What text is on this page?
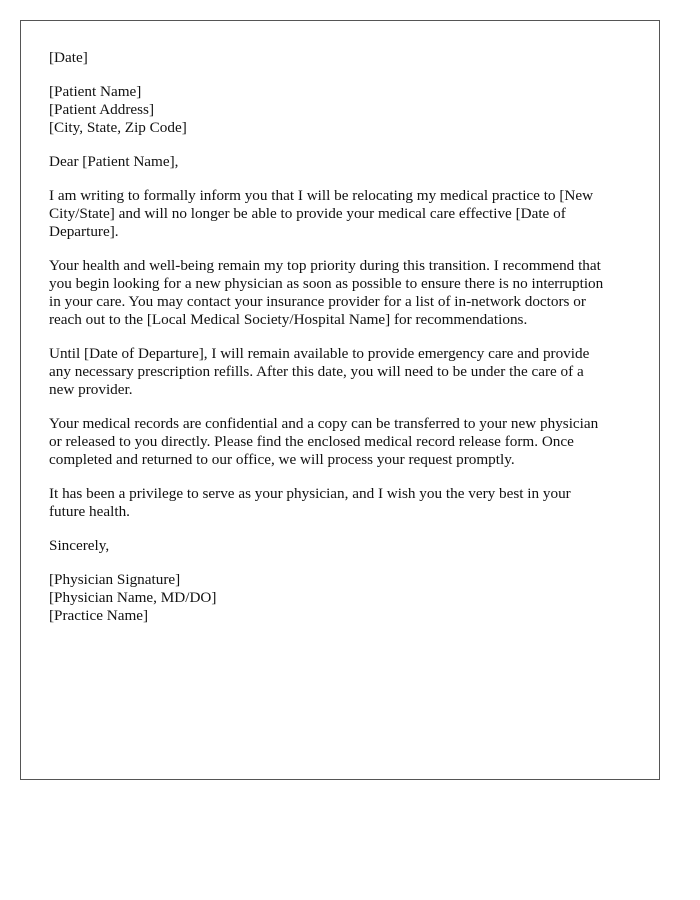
[Date]
[Patient Name]
[Patient Address]
[City, State, Zip Code]
Dear [Patient Name],
I am writing to formally inform you that I will be relocating my medical practice to [New
City/State] and will no longer be able to provide your medical care effective [Date of
Departure].
Your health and well-being remain my top priority during this transition. I recommend that
you begin looking for a new physician as soon as possible to ensure there is no interruption
in your care. You may contact your insurance provider for a list of in-network doctors or
reach out to the [Local Medical Society/Hospital Name] for recommendations.
Until [Date of Departure], I will remain available to provide emergency care and provide
any necessary prescription refills. After this date, you will need to be under the care of a
new provider.
Your medical records are confidential and a copy can be transferred to your new physician
or released to you directly. Please find the enclosed medical record release form. Once
completed and returned to our office, we will process your request promptly.
It has been a privilege to serve as your physician, and I wish you the very best in your
future health.
Sincerely,
[Physician Signature]
[Physician Name, MD/DO]
[Practice Name]
